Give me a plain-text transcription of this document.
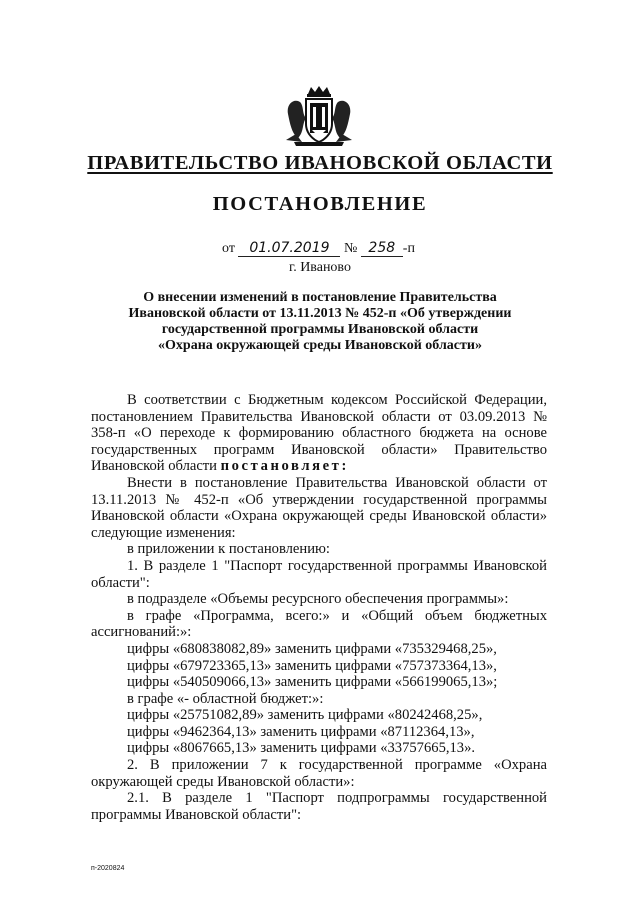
ПРАВИТЕЛЬСТВО ИВАНОВСКОЙ ОБЛАСТИ
ПОСТАНОВЛЕНИЕ
от 01.07.2019 № 258 -п
г. Иваново
О внесении изменений в постановление Правительства
Ивановской области от 13.11.2013 № 452-п «Об утверждении
государственной программы Ивановской области
«Охрана окружающей среды Ивановской области»

В соответствии с Бюджетным кодексом Российской Федерации, постановлением Правительства Ивановской области от 03.09.2013 № 358-п «О переходе к формированию областного бюджета на основе государственных программ Ивановской области» Правительство Ивановской области постановляет:

Внести в постановление Правительства Ивановской области от 13.11.2013 № 452-п «Об утверждении государственной программы Ивановской области «Охрана окружающей среды Ивановской области» следующие изменения:

в приложении к постановлению:

1. В разделе 1 "Паспорт государственной программы Ивановской области":

в подразделе «Объемы ресурсного обеспечения программы»:

в графе «Программа, всего:» и «Общий объем бюджетных ассигнований:»:

цифры «680838082,89» заменить цифрами «735329468,25»,

цифры «679723365,13» заменить цифрами «757373364,13»,

цифры «540509066,13» заменить цифрами «566199065,13»;

в графе «- областной бюджет:»:

цифры «25751082,89» заменить цифрами «80242468,25»,

цифры «9462364,13» заменить цифрами «87112364,13»,

цифры «8067665,13» заменить цифрами «33757665,13».

2. В приложении 7 к государственной программе «Охрана окружающей среды Ивановской области»:

2.1. В разделе 1 "Паспорт подпрограммы государственной программы Ивановской области":

п-2020824
